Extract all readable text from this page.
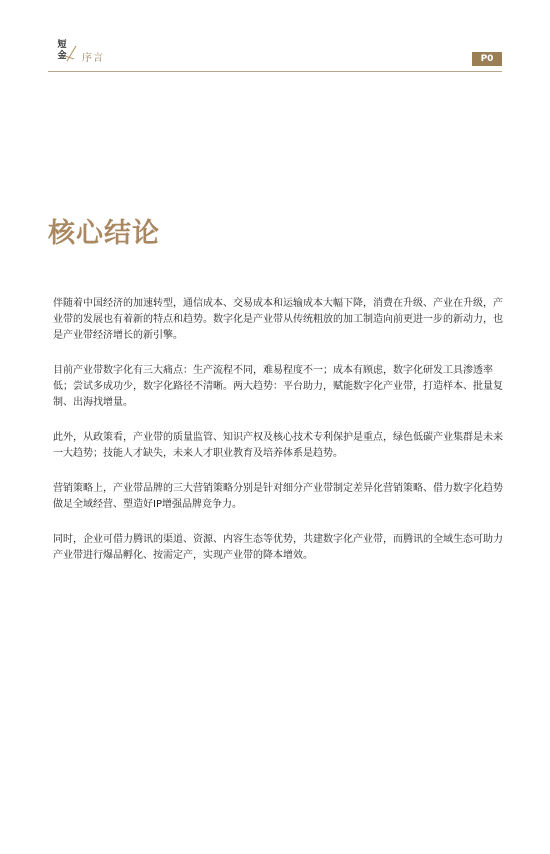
短
金	序言	P0
核心结论

伴随着中国经济的加速转型，通信成本、交易成本和运输成本大幅下降，消费在升级、产业在升级，产业带的发展也有着新的特点和趋势。数字化是产业带从传统粗放的加工制造向前更进一步的新动力，也是产业带经济增长的新引擎。

目前产业带数字化有三大痛点：生产流程不同，难易程度不一；成本有顾虑，数字化研发工具渗透率低；尝试多成功少，数字化路径不清晰。两大趋势：平台助力，赋能数字化产业带，打造样本、批量复制、出海找增量。

此外，从政策看，产业带的质量监管、知识产权及核心技术专利保护是重点，绿色低碳产业集群是未来一大趋势；技能人才缺失，未来人才职业教育及培养体系是趋势。

营销策略上，产业带品牌的三大营销策略分别是针对细分产业带制定差异化营销策略、借力数字化趋势做足全域经营、塑造好IP增强品牌竞争力。

同时，企业可借力腾讯的渠道、资源、内容生态等优势，共建数字化产业带，而腾讯的全域生态可助力产业带进行爆品孵化、按需定产，实现产业带的降本增效。
